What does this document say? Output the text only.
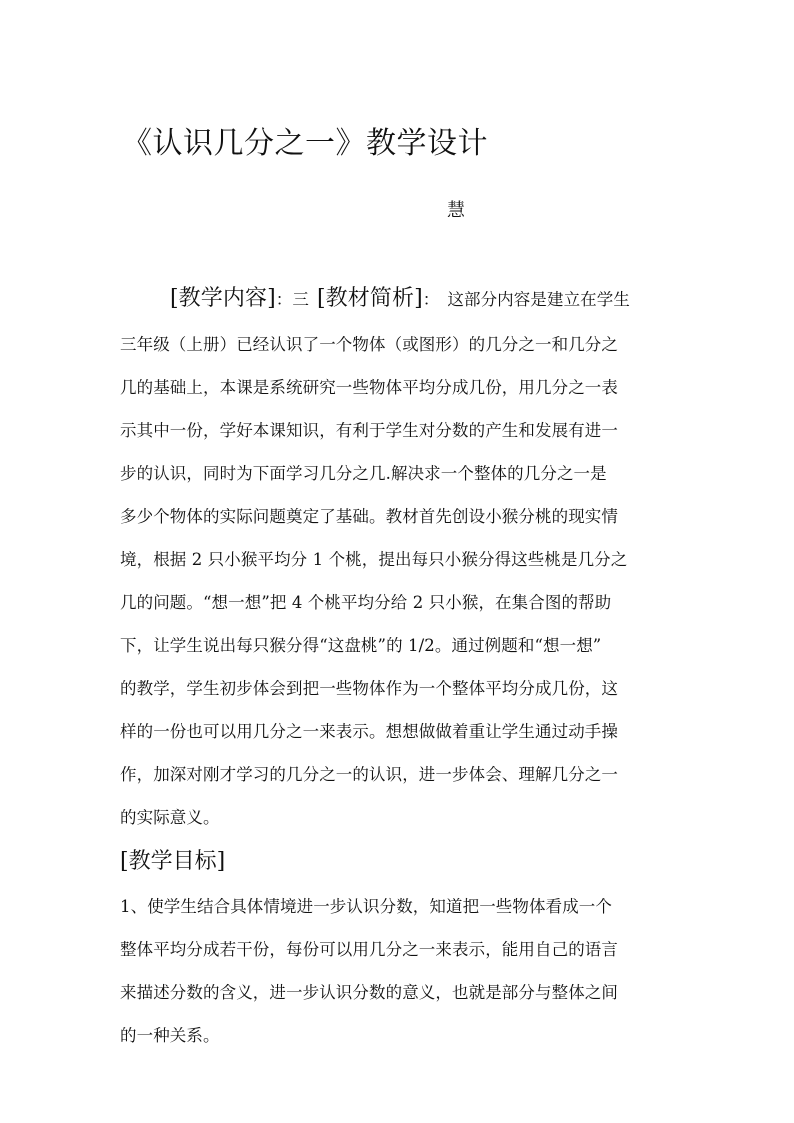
《认识几分之一》教学设计
慧
[教学内容]：三 [教材简析]： 这部分内容是建立在学生
三年级（上册）已经认识了一个物体（或图形）的几分之一和几分之
几的基础上，本课是系统研究一些物体平均分成几份，用几分之一表
示其中一份，学好本课知识，有利于学生对分数的产生和发展有进一
步的认识，同时为下面学习几分之几.解决求一个整体的几分之一是
多少个物体的实际问题奠定了基础。教材首先创设小猴分桃的现实情
境，根据 2 只小猴平均分 1 个桃，提出每只小猴分得这些桃是几分之
几的问题。“想一想”把 4 个桃平均分给 2 只小猴，在集合图的帮助
下，让学生说出每只猴分得“这盘桃”的 1/2。通过例题和“想一想”
的教学，学生初步体会到把一些物体作为一个整体平均分成几份，这
样的一份也可以用几分之一来表示。想想做做着重让学生通过动手操
作，加深对刚才学习的几分之一的认识，进一步体会、理解几分之一
的实际意义。
[教学目标]
1、使学生结合具体情境进一步认识分数，知道把一些物体看成一个
整体平均分成若干份，每份可以用几分之一来表示，能用自己的语言
来描述分数的含义，进一步认识分数的意义，也就是部分与整体之间
的一种关系。
